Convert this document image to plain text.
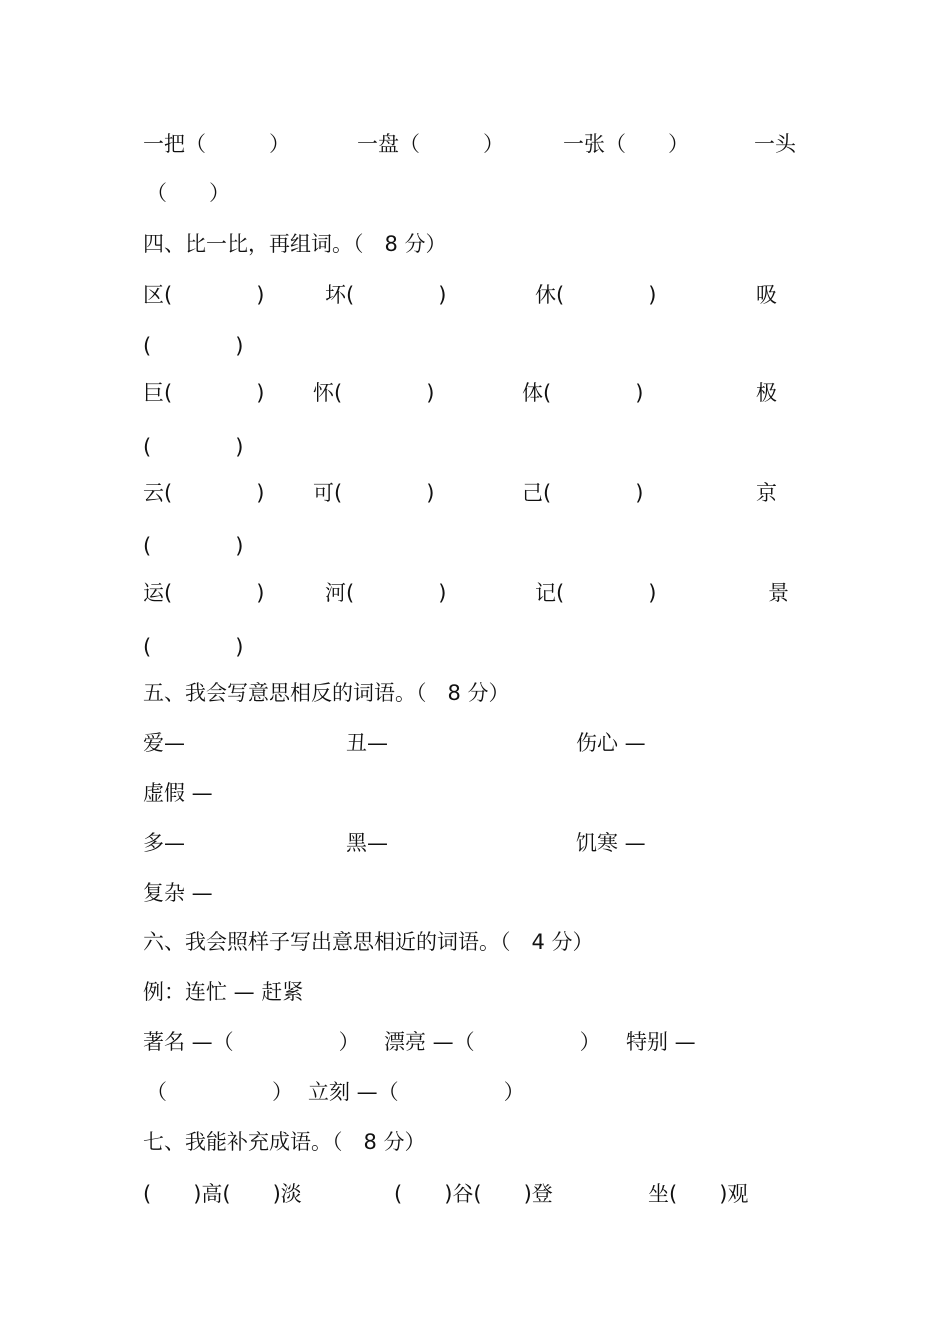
一把（　　　）	一盘（　　　）	一张（　　）	一头
（　　）
四、比一比，再组词。（　8 分）
区(　　　　)	坏(　　　　)	休(　　　　)	吸
(　　　　)
巨(　　　　) 怀(　　　　)	体(　　　　)	极
(　　　　)
云(　　　　) 可(　　　　)	己(　　　　)	京
(　　　　)
运(　　　　)	河(　　　　)	记(　　　　)	景
(　　　　)
五、我会写意思相反的词语。（　8 分）
爱—	丑—	伤心 —
虚假 —
多—	黑—	饥寒 —
复杂 —
六、我会照样子写出意思相近的词语。（　4 分）
例：连忙 — 赶紧
著名 —（　　　　　） 漂亮 —（　　　　　） 特别 —
（　　　　　） 立刻 —（　　　　　）
七、我能补充成语。（　8 分）
(　　)高(　　)淡	(　　)谷(　　)登	坐(　　)观
